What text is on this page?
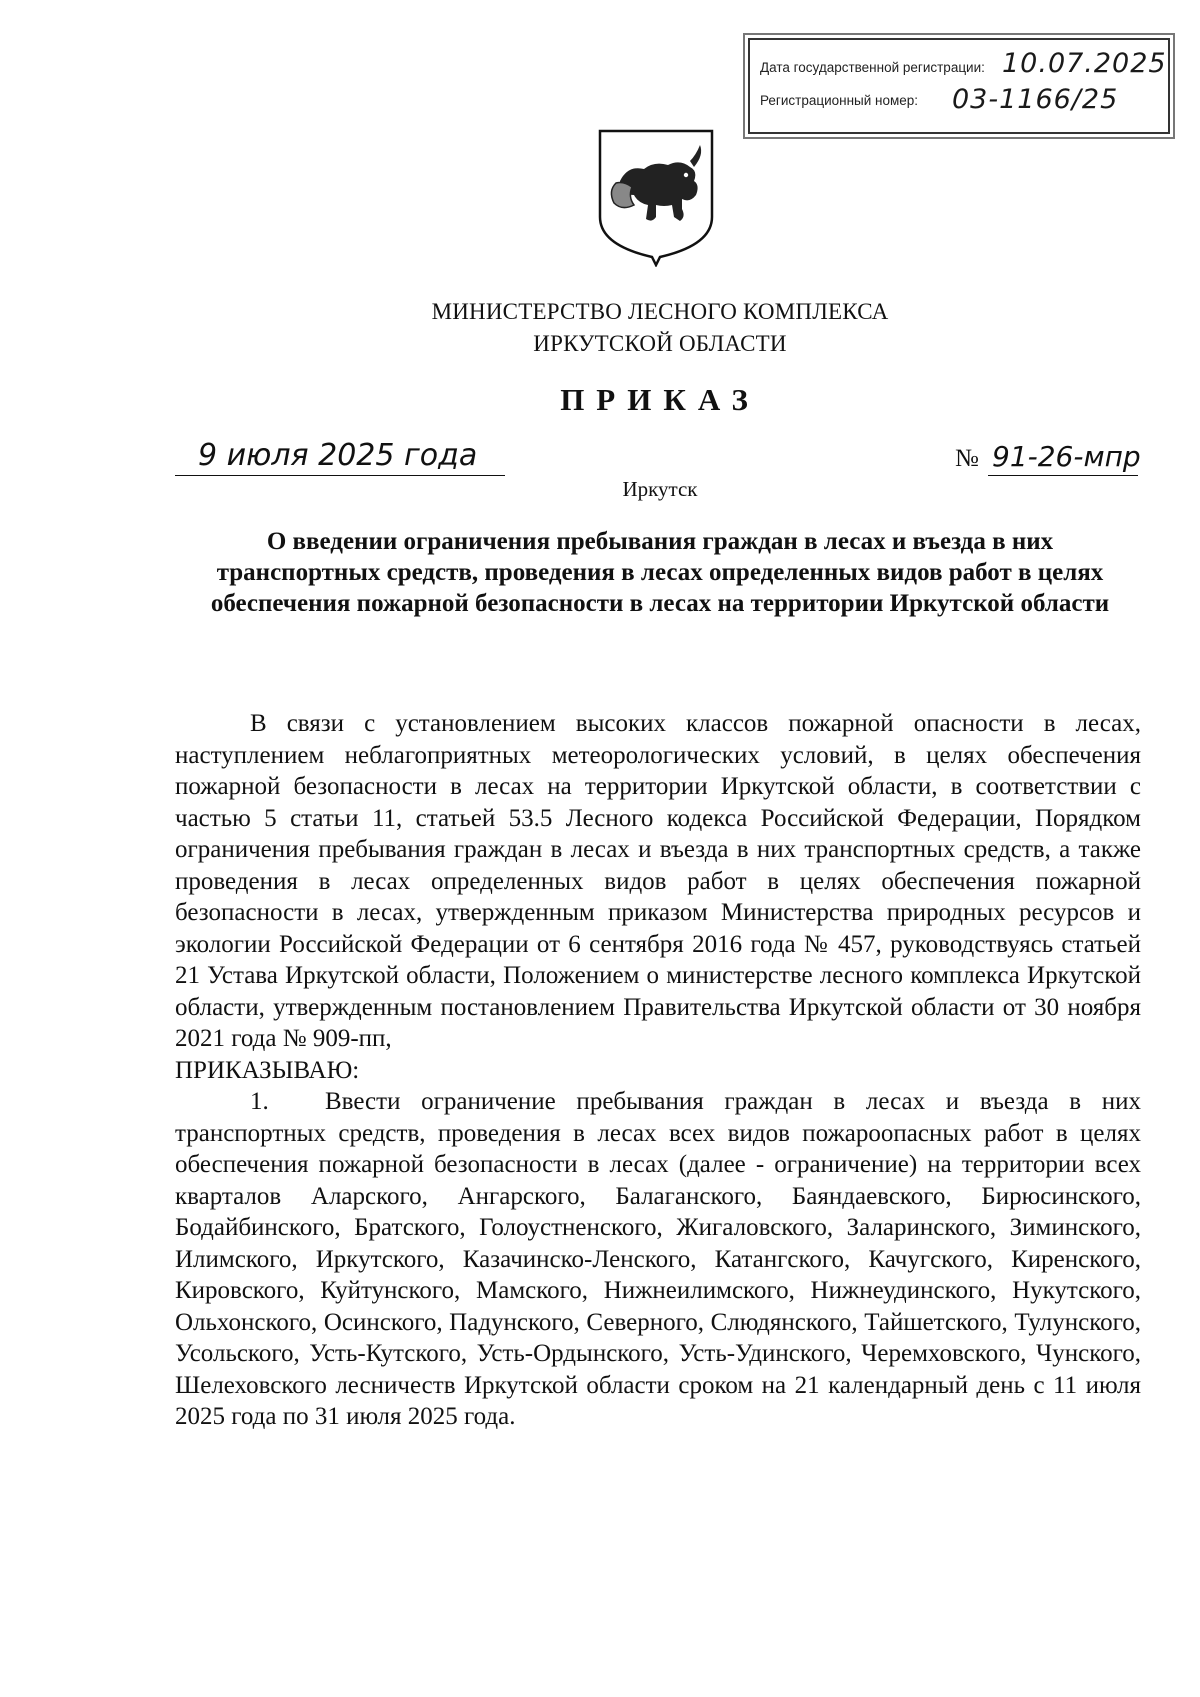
Дата государственной регистрации: 10.07.2025
Регистрационный номер: 03-1166/25
МИНИСТЕРСТВО ЛЕСНОГО КОМПЛЕКСА
ИРКУТСКОЙ ОБЛАСТИ
ПРИКАЗ
9 июля 2025 года	№ 91-26-мпр
Иркутск
О введении ограничения пребывания граждан в лесах и въезда в них транспортных средств, проведения в лесах определенных видов работ в целях обеспечения пожарной безопасности в лесах на территории Иркутской области

В связи с установлением высоких классов пожарной опасности в лесах, наступлением неблагоприятных метеорологических условий, в целях обеспечения пожарной безопасности в лесах на территории Иркутской области, в соответствии с частью 5 статьи 11, статьей 53.5 Лесного кодекса Российской Федерации, Порядком ограничения пребывания граждан в лесах и въезда в них транспортных средств, а также проведения в лесах определенных видов работ в целях обеспечения пожарной безопасности в лесах, утвержденным приказом Министерства природных ресурсов и экологии Российской Федерации от 6 сентября 2016 года № 457, руководствуясь статьей 21 Устава Иркутской области, Положением о министерстве лесного комплекса Иркутской области, утвержденным постановлением Правительства Иркутской области от 30 ноября 2021 года № 909-пп,

ПРИКАЗЫВАЮ:

1. Ввести ограничение пребывания граждан в лесах и въезда в них транспортных средств, проведения в лесах всех видов пожароопасных работ в целях обеспечения пожарной безопасности в лесах (далее - ограничение) на территории всех кварталов Аларского, Ангарского, Балаганского, Баяндаевского, Бирюсинского, Бодайбинского, Братского, Голоустненского, Жигаловского, Заларинского, Зиминского, Илимского, Иркутского, Казачинско-Ленского, Катангского, Качугского, Киренского, Кировского, Куйтунского, Мамского, Нижнеилимского, Нижнеудинского, Нукутского, Ольхонского, Осинского, Падунского, Северного, Слюдянского, Тайшетского, Тулунского, Усольского, Усть-Кутского, Усть-Ордынского, Усть-Удинского, Черемховского, Чунского, Шелеховского лесничеств Иркутской области сроком на 21 календарный день с 11 июля 2025 года по 31 июля 2025 года.
